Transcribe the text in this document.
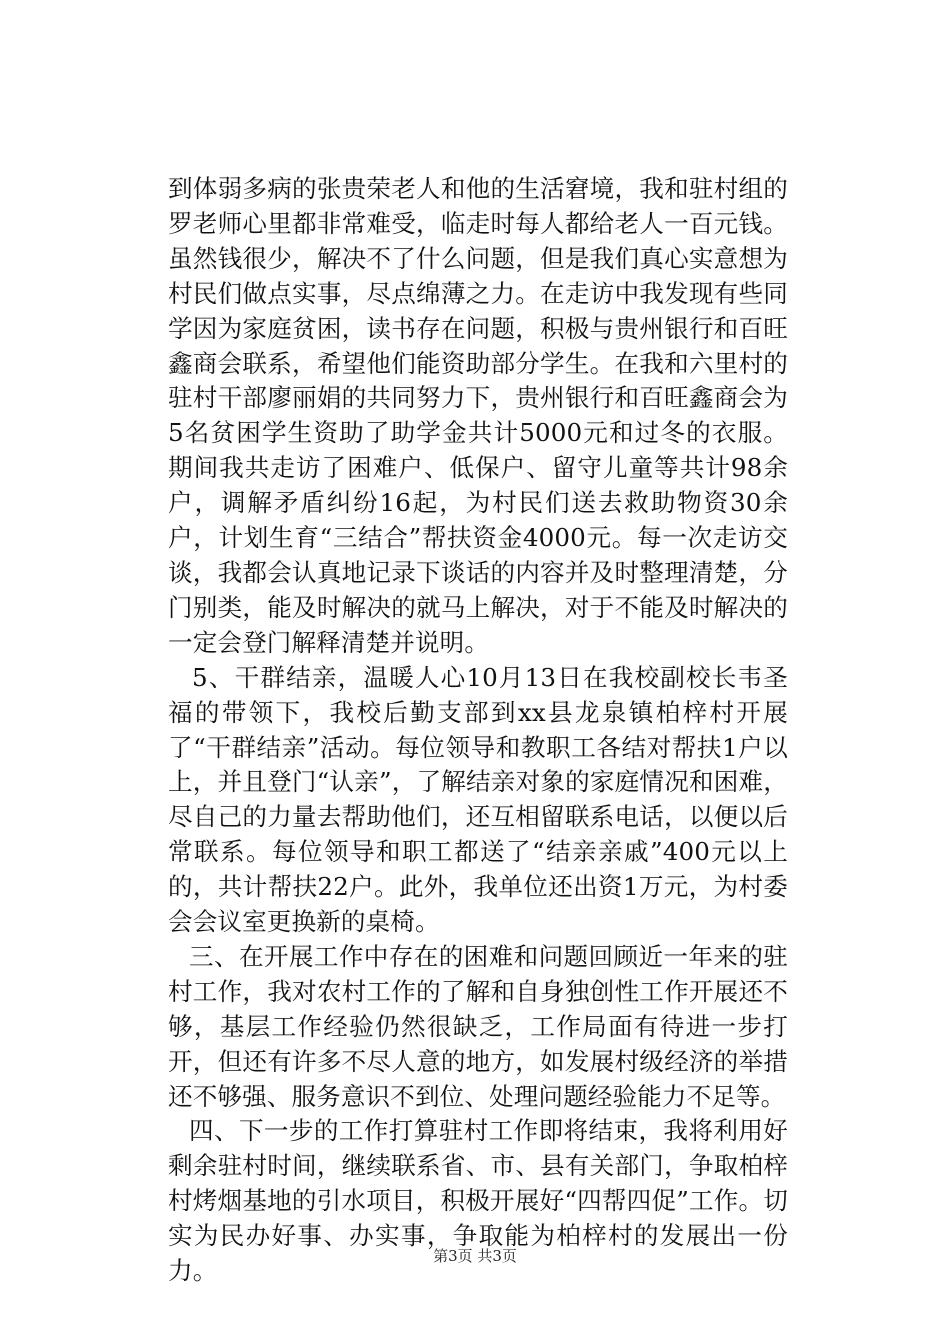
到体弱多病的张贵荣老人和他的生活窘境，我和驻村组的罗老师心里都非常难受，临走时每人都给老人一百元钱。虽然钱很少，解决不了什么问题，但是我们真心实意想为村民们做点实事，尽点绵薄之力。在走访中我发现有些同学因为家庭贫困，读书存在问题，积极与贵州银行和百旺鑫商会联系，希望他们能资助部分学生。在我和六里村的驻村干部廖丽娟的共同努力下，贵州银行和百旺鑫商会为5名贫困学生资助了助学金共计5000元和过冬的衣服。期间我共走访了困难户、低保户、留守儿童等共计98余户，调解矛盾纠纷16起，为村民们送去救助物资30余户，计划生育“三结合”帮扶资金4000元。每一次走访交谈，我都会认真地记录下谈话的内容并及时整理清楚，分门别类，能及时解决的就马上解决，对于不能及时解决的一定会登门解释清楚并说明。

5、干群结亲，温暖人心10月13日在我校副校长韦圣福的带领下，我校后勤支部到xx县龙泉镇柏梓村开展了“干群结亲”活动。每位领导和教职工各结对帮扶1户以上，并且登门“认亲”，了解结亲对象的家庭情况和困难，尽自己的力量去帮助他们，还互相留联系电话，以便以后常联系。每位领导和职工都送了“结亲亲戚”400元以上的，共计帮扶22户。此外，我单位还出资1万元，为村委会会议室更换新的桌椅。

三、在开展工作中存在的困难和问题回顾近一年来的驻村工作，我对农村工作的了解和自身独创性工作开展还不够，基层工作经验仍然很缺乏，工作局面有待进一步打开，但还有许多不尽人意的地方，如发展村级经济的举措还不够强、服务意识不到位、处理问题经验能力不足等。

四、下一步的工作打算驻村工作即将结束，我将利用好剩余驻村时间，继续联系省、市、县有关部门，争取柏梓村烤烟基地的引水项目，积极开展好“四帮四促”工作。切实为民办好事、办实事，争取能为柏梓村的发展出一份力。

第3页 共3页
